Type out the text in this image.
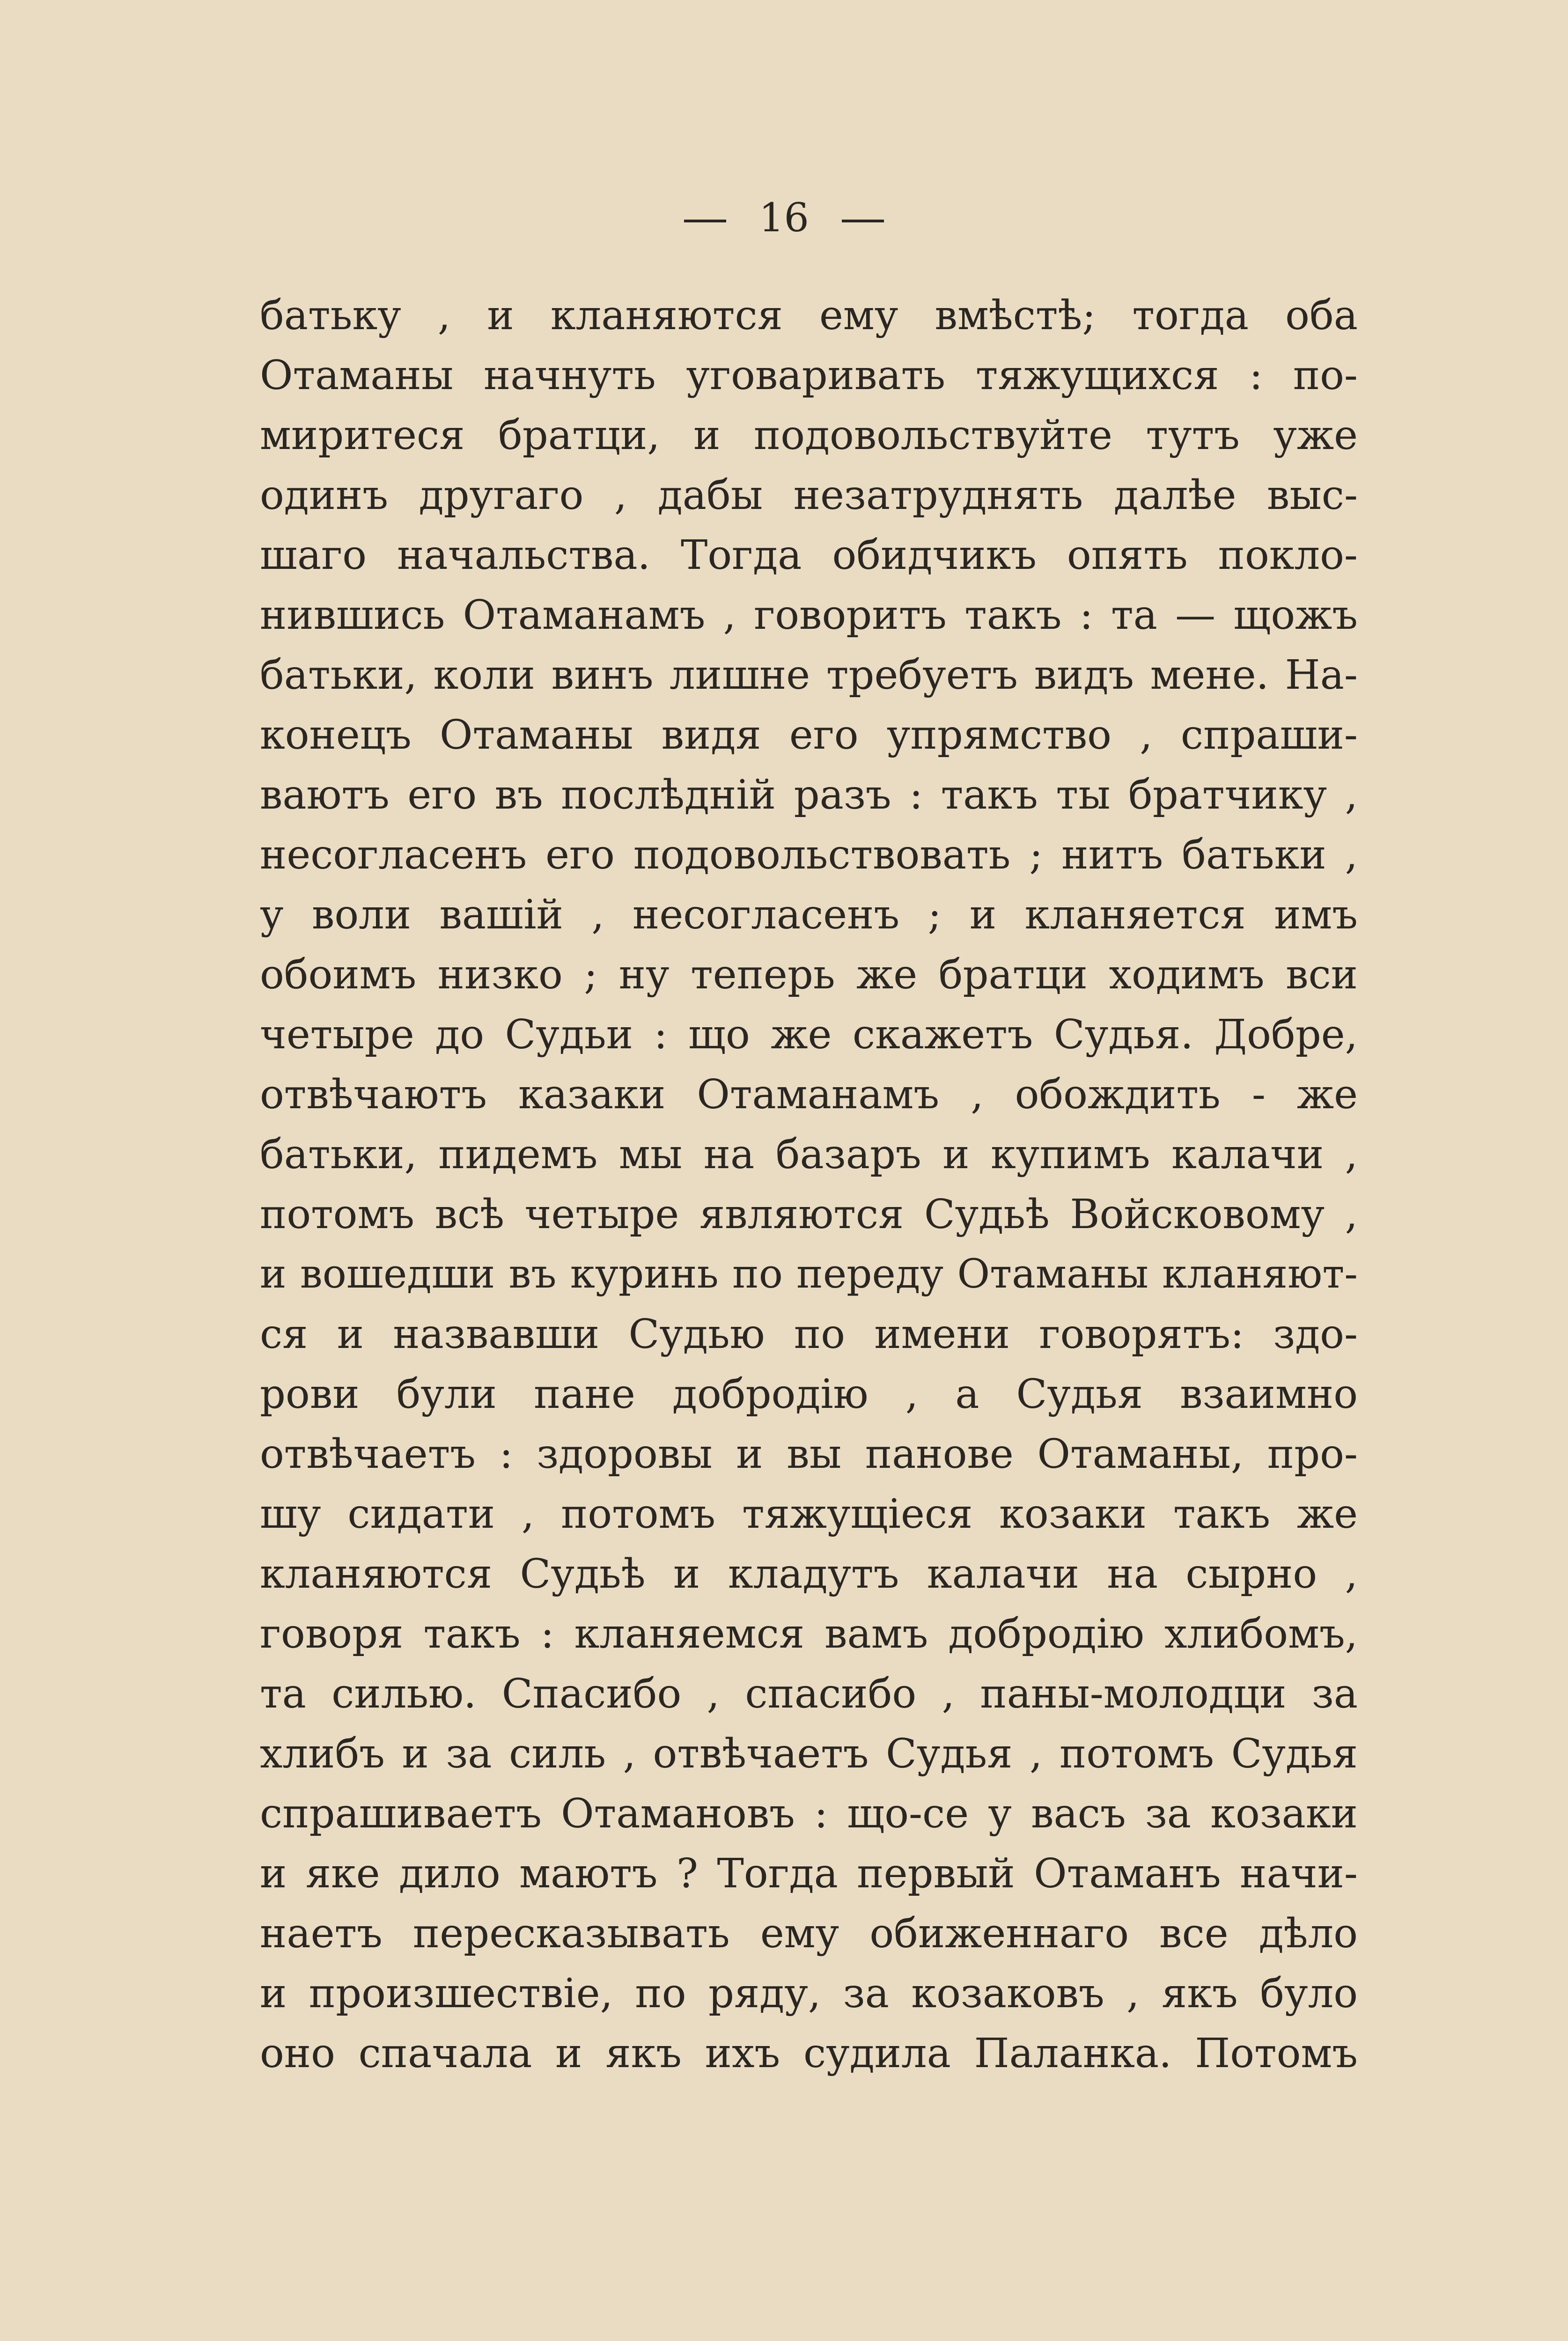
16
батьку , и кланяются ему вмѣстѣ; тогда оба
Отаманы начнуть уговаривать тяжущихся : по-
миритеся братци, и подовольствуйте тутъ уже
одинъ другаго , дабы незатруднять далѣе выс-
шаго начальства. Тогда обидчикъ опять покло-
нившись Отаманамъ , говоритъ такъ : та — щожъ
батьки, коли винъ лишне требуетъ видъ мене. На-
конецъ Отаманы видя его упрямство , спраши-
ваютъ его въ послѣдній разъ : такъ ты братчику ,
несогласенъ его подовольствовать ; нитъ батьки ,
у воли вашій , несогласенъ ; и кланяется имъ
обоимъ низко ; ну теперь же братци ходимъ вси
четыре до Судьи : що же скажетъ Судья. Добре,
отвѣчаютъ казаки Отаманамъ , обождить - же
батьки, пидемъ мы на базаръ и купимъ калачи ,
потомъ всѣ четыре являются Судьѣ Войсковому ,
и вошедши въ куринь по переду Отаманы кланяют-
ся и назвавши Судью по имени говорятъ: здо-
рови були пане добродію , а Судья взаимно
отвѣчаетъ : здоровы и вы панове Отаманы, про-
шу сидати , потомъ тяжущіеся козаки такъ же
кланяются Судьѣ и кладутъ калачи на сырно ,
говоря такъ : кланяемся вамъ добродію хлибомъ,
та силью. Спасибо , спасибо , паны-молодци за
хлибъ и за силь , отвѣчаетъ Судья , потомъ Судья
спрашиваетъ Отамановъ : що-се у васъ за козаки
и яке дило маютъ ? Тогда первый Отаманъ начи-
наетъ пересказывать ему обиженнаго все дѣло
и произшествіе, по ряду, за козаковъ , якъ було
оно спачала и якъ ихъ судила Паланка. Потомъ
